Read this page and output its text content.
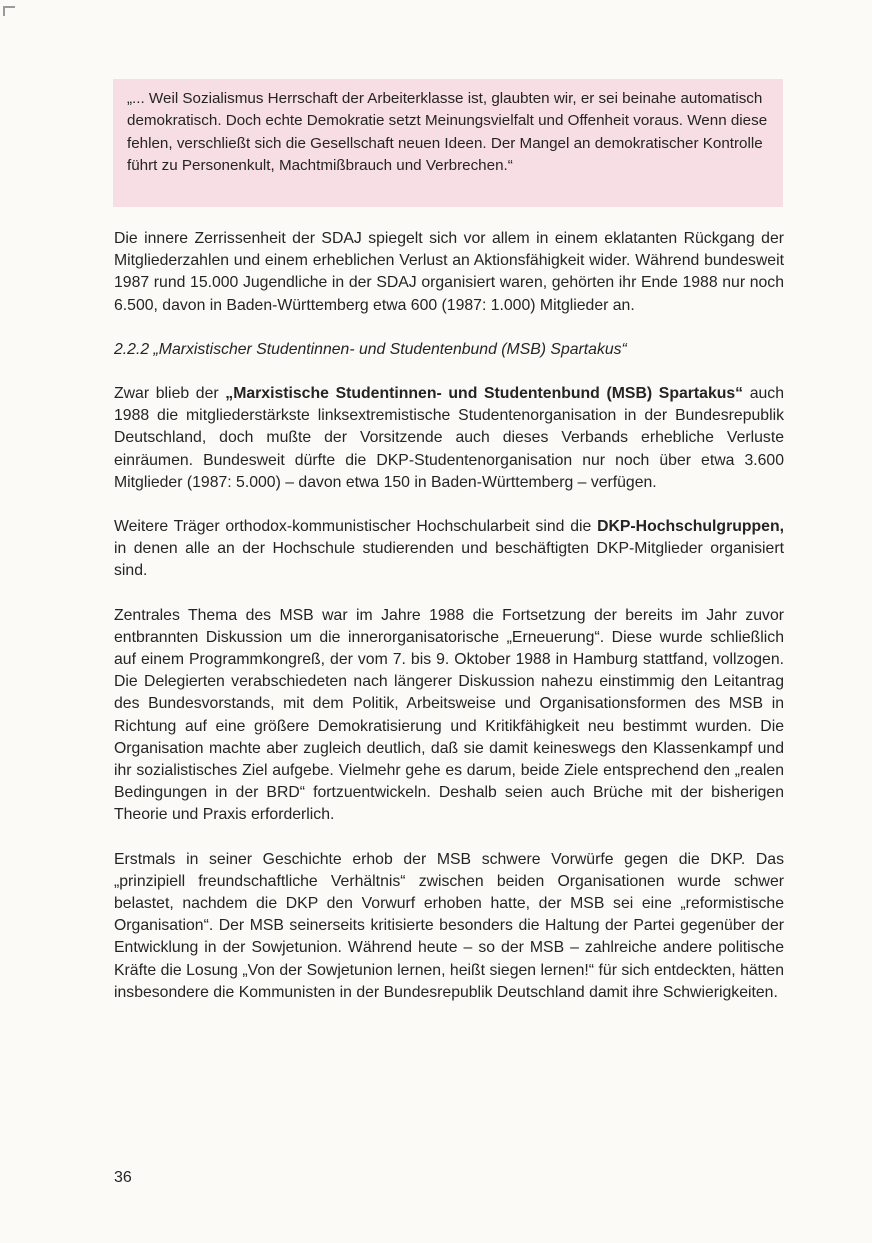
„... Weil Sozialismus Herrschaft der Arbeiterklasse ist, glaubten wir, er sei beinahe automatisch demokratisch. Doch echte Demokratie setzt Meinungsvielfalt und Offenheit voraus. Wenn diese fehlen, verschließt sich die Gesellschaft neuen Ideen. Der Mangel an demokratischer Kontrolle führt zu Personenkult, Machtmißbrauch und Verbrechen.“

Die innere Zerrissenheit der SDAJ spiegelt sich vor allem in einem eklatanten Rückgang der Mitgliederzahlen und einem erheblichen Verlust an Aktionsfähigkeit wider. Während bundesweit 1987 rund 15.000 Jugendliche in der SDAJ organisiert waren, gehörten ihr Ende 1988 nur noch 6.500, davon in Baden-Württemberg etwa 600 (1987: 1.000) Mitglieder an.

2.2.2 „Marxistischer Studentinnen- und Studentenbund (MSB) Spartakus“

Zwar blieb der „Marxistische Studentinnen- und Studentenbund (MSB) Spartakus“ auch 1988 die mitgliederstärkste linksextremistische Studentenorganisation in der Bundesrepublik Deutschland, doch mußte der Vorsitzende auch dieses Verbands erhebliche Verluste einräumen. Bundesweit dürfte die DKP-Studentenorganisation nur noch über etwa 3.600 Mitglieder (1987: 5.000) – davon etwa 150 in Baden-Württemberg – verfügen.

Weitere Träger orthodox-kommunistischer Hochschularbeit sind die DKP-Hochschulgruppen, in denen alle an der Hochschule studierenden und beschäftigten DKP-Mitglieder organisiert sind.

Zentrales Thema des MSB war im Jahre 1988 die Fortsetzung der bereits im Jahr zuvor entbrannten Diskussion um die innerorganisatorische „Erneuerung“. Diese wurde schließlich auf einem Programmkongreß, der vom 7. bis 9. Oktober 1988 in Hamburg stattfand, vollzogen. Die Delegierten verabschiedeten nach längerer Diskussion nahezu einstimmig den Leitantrag des Bundesvorstands, mit dem Politik, Arbeitsweise und Organisationsformen des MSB in Richtung auf eine größere Demokratisierung und Kritikfähigkeit neu bestimmt wurden. Die Organisation machte aber zugleich deutlich, daß sie damit keineswegs den Klassenkampf und ihr sozialistisches Ziel aufgebe. Vielmehr gehe es darum, beide Ziele entsprechend den „realen Bedingungen in der BRD“ fortzuentwickeln. Deshalb seien auch Brüche mit der bisherigen Theorie und Praxis erforderlich.

Erstmals in seiner Geschichte erhob der MSB schwere Vorwürfe gegen die DKP. Das „prinzipiell freundschaftliche Verhältnis“ zwischen beiden Organisationen wurde schwer belastet, nachdem die DKP den Vorwurf erhoben hatte, der MSB sei eine „reformistische Organisation“. Der MSB seinerseits kritisierte besonders die Haltung der Partei gegenüber der Entwicklung in der Sowjetunion. Während heute – so der MSB – zahlreiche andere politische Kräfte die Losung „Von der Sowjetunion lernen, heißt siegen lernen!“ für sich entdeckten, hätten insbesondere die Kommunisten in der Bundesrepublik Deutschland damit ihre Schwierigkeiten.

36
